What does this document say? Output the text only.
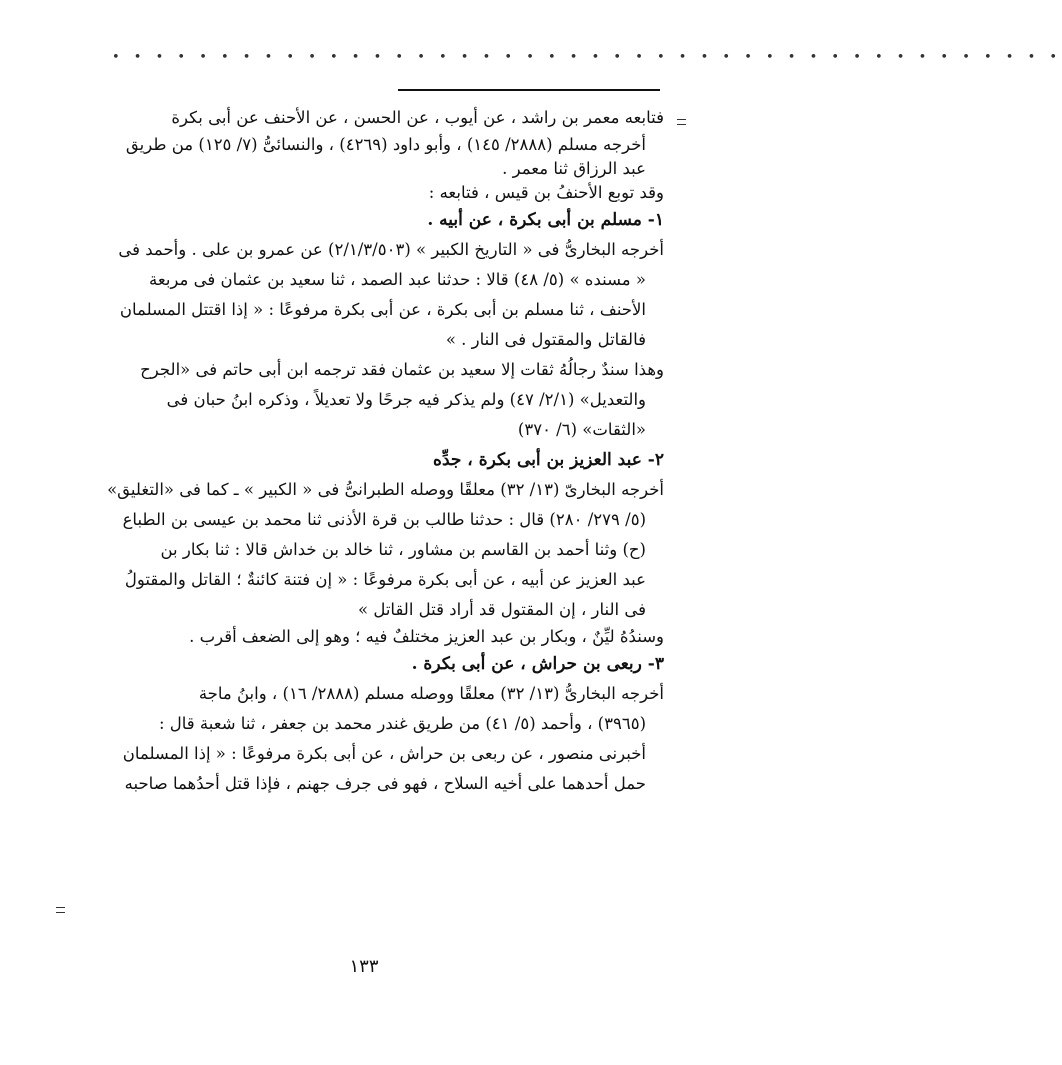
• • • • • • • • • • • • • • • • • • • • • • • • • • • • • • • • • • • • • • • • • • • •
فتابعه معمر بن راشد ، عن أيوب ، عن الحسن ، عن الأحنف عن أبى بكرة
أخرجه مسلم (٢٨٨٨/ ١٤٥) ، وأبو داود (٤٢٦٩) ، والنسائىُّ (٧/ ١٢٥) من طريق
عبد الرزاق ثنا معمر .
وقد توبع الأحنفُ بن قيس ، فتابعه :
١- مسلم بن أبى بكرة ، عن أبيه .
أخرجه البخارىُّ فى « التاريخ الكبير » (٢/١/٣/٥٠٣) عن عمرو بن على . وأحمد فى
« مسنده » (٥/ ٤٨) قالا : حدثنا عبد الصمد ، ثنا سعيد بن عثمان فى مربعة
الأحنف ، ثنا مسلم بن أبى بكرة ، عن أبى بكرة مرفوعًا : « إذا اقتتل المسلمان
فالقاتل والمقتول فى النار . »
وهذا سندٌ رجالُهُ ثقات إلا سعيد بن عثمان فقد ترجمه ابن أبى حاتم فى «الجرح
والتعديل» (٢/١/ ٤٧) ولم يذكر فيه جرحًا ولا تعديلاً ، وذكره ابنُ حبان فى
«الثقات» (٦/ ٣٧٠)
٢- عبد العزيز بن أبى بكرة ، جدِّه
أخرجه البخارىّ (١٣/ ٣٢) معلقًا ووصله الطبرانىُّ فى « الكبير » ـ كما فى «التغليق»
(٥/ ٢٧٩/ ٢٨٠) قال : حدثنا طالب بن قرة الأذنى ثنا محمد بن عيسى بن الطباع
(ح) وثنا أحمد بن القاسم بن مشاور ، ثنا خالد بن خداش قالا : ثنا بكار بن
عبد العزيز عن أبيه ، عن أبى بكرة مرفوعًا : « إن فتنة كائنةٌ ؛ القاتل والمقتولُ
فى النار ، إن المقتول قد أراد قتل القاتل »
وسندُهُ ليِّنٌ ، وبكار بن عبد العزيز مختلفٌ فيه ؛ وهو إلى الضعف أقرب .
٣- ربعى بن حراش ، عن أبى بكرة .
أخرجه البخارىُّ (١٣/ ٣٢) معلقًا ووصله مسلم (٢٨٨٨/ ١٦) ، وابنُ ماجة
(٣٩٦٥) ، وأحمد (٥/ ٤١) من طريق غندر محمد بن جعفر ، ثنا شعبة قال :
أخبرنى منصور ، عن ربعى بن حراش ، عن أبى بكرة مرفوعًا : « إذا المسلمان
حمل أحدهما على أخيه السلاح ، فهو فى جرف جهنم ، فإذا قتل أحدُهما صاحبه
١٣٣
